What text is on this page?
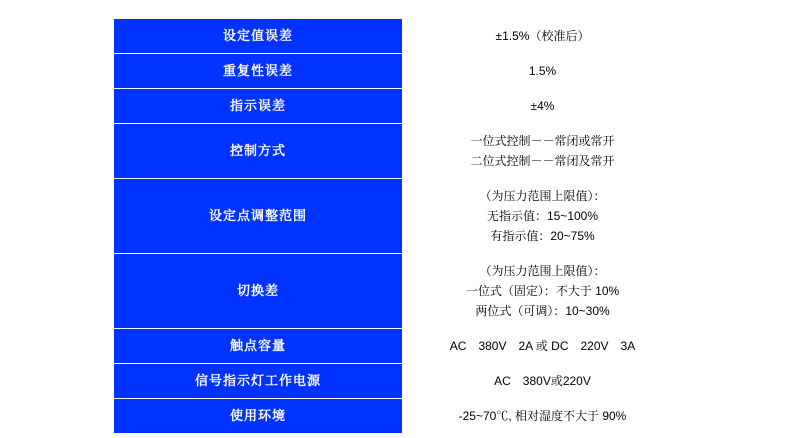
设定值误差	±1.5%（校准后）

重复性误差	1.5%

指示误差	±4%

控制方式	一位式控制－－常闭或常开
二位式控制－－常闭及常开

设定点调整范围	（为压力范围上限值）：
无指示值：15~100%
有指示值：20~75%

切换差	（为压力范围上限值）：
一位式（固定）：不大于 10%
两位式（可调）：10~30%

触点容量	AC　380V　2A 或 DC　220V　3A

信号指示灯工作电源	AC　380V或220V

使用环境	-25~70℃, 相对湿度不大于 90%
